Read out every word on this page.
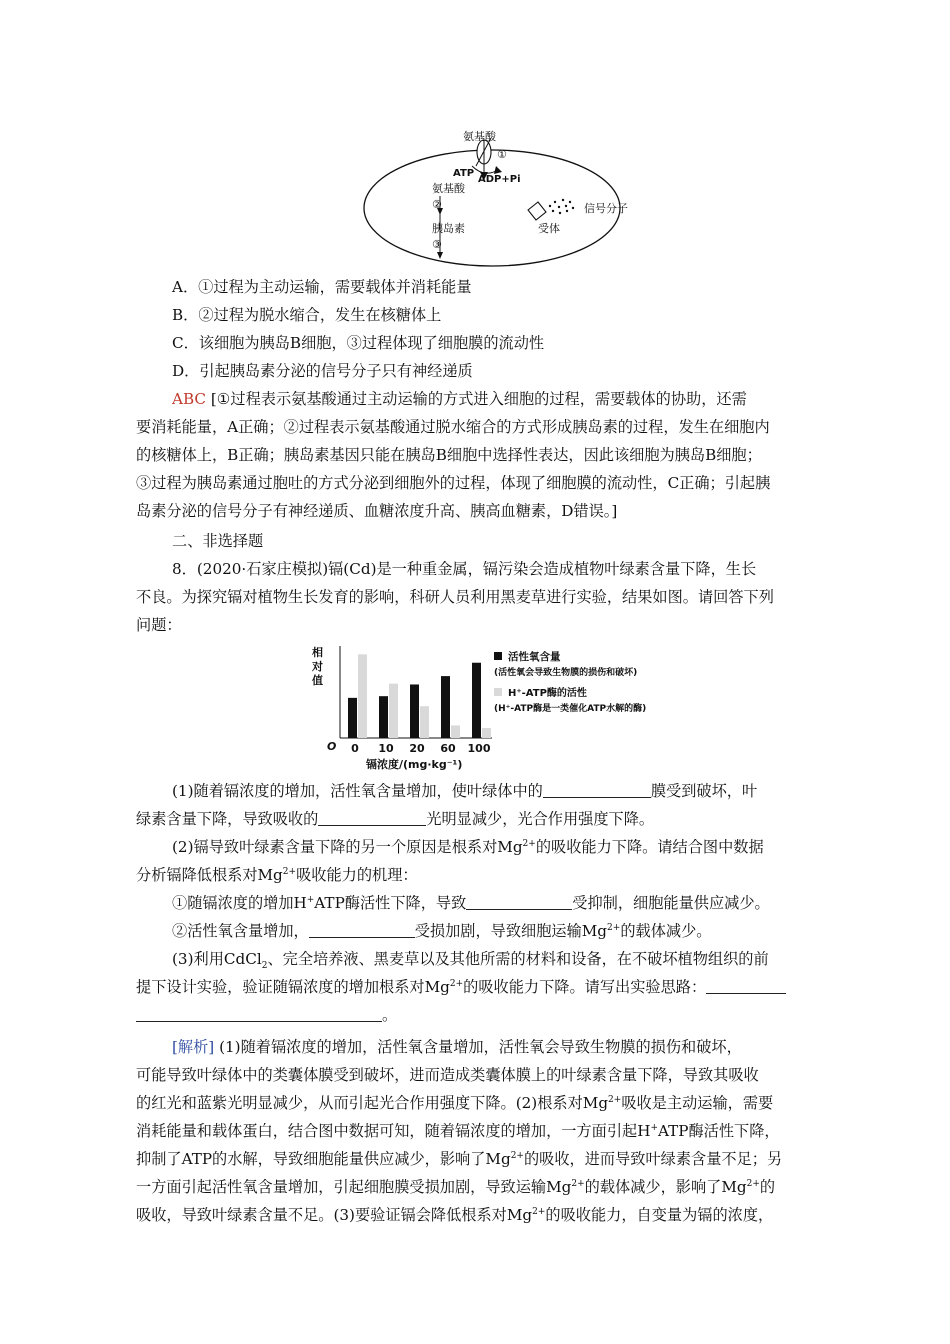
氨基酸
①
ATP
ADP+Pi
氨基酸
②
胰岛素
③
受体
信号分子
A．①过程为主动运输，需要载体并消耗能量
B．②过程为脱水缩合，发生在核糖体上
C．该细胞为胰岛B细胞，③过程体现了细胞膜的流动性
D．引起胰岛素分泌的信号分子只有神经递质
ABC [①过程表示氨基酸通过主动运输的方式进入细胞的过程，需要载体的协助，还需
要消耗能量，A正确；②过程表示氨基酸通过脱水缩合的方式形成胰岛素的过程，发生在细胞内
的核糖体上，B正确；胰岛素基因只能在胰岛B细胞中选择性表达，因此该细胞为胰岛B细胞；
③过程为胰岛素通过胞吐的方式分泌到细胞外的过程，体现了细胞膜的流动性，C正确；引起胰
岛素分泌的信号分子有神经递质、血糖浓度升高、胰高血糖素，D错误。]
二、非选择题
8．(2020·石家庄模拟)镉(Cd)是一种重金属，镉污染会造成植物叶绿素含量下降，生长
不良。为探究镉对植物生长发育的影响，科研人员利用黑麦草进行实验，结果如图。请回答下列
问题：
相
对
值
O 0 10 20 60 100
镉浓度/(mg·kg⁻¹)
活性氧含量
(活性氧会导致生物膜的损伤和破坏)
H⁺-ATP酶的活性
(H⁺-ATP酶是一类催化ATP水解的酶)
(1)随着镉浓度的增加，活性氧含量增加，使叶绿体中的	膜受到破坏，叶
绿素含量下降，导致吸收的	光明显减少，光合作用强度下降。
(2)镉导致叶绿素含量下降的另一个原因是根系对$Mg^{2+}$的吸收能力下降。请结合图中数据
分析镉降低根系对$Mg^{2+}$吸收能力的机理：
①随镉浓度的增加H+ATP酶活性下降，导致	受抑制，细胞能量供应减少。
②活性氧含量增加，	受损加剧，导致细胞运输$Mg^{2+}$的载体减少。
(3)利用CdCl$_2$、完全培养液、黑麦草以及其他所需的材料和设备，在不破坏植物组织的前
提下设计实验，验证随镉浓度的增加根系对$Mg^{2+}$的吸收能力下降。请写出实验思路：
。
[解析] (1)随着镉浓度的增加，活性氧含量增加，活性氧会导致生物膜的损伤和破坏，
可能导致叶绿体中的类囊体膜受到破坏，进而造成类囊体膜上的叶绿素含量下降，导致其吸收
的红光和蓝紫光明显减少，从而引起光合作用强度下降。(2)根系对$Mg^{2+}$吸收是主动运输，需要
消耗能量和载体蛋白，结合图中数据可知，随着镉浓度的增加，一方面引起H+ATP酶活性下降，
抑制了ATP的水解，导致细胞能量供应减少，影响了$Mg^{2+}$的吸收，进而导致叶绿素含量不足；另
一方面引起活性氧含量增加，引起细胞膜受损加剧，导致运输$Mg^{2+}$的载体减少，影响了$Mg^{2+}$的
吸收，导致叶绿素含量不足。(3)要验证镉会降低根系对$Mg^{2+}$的吸收能力，自变量为镉的浓度，
